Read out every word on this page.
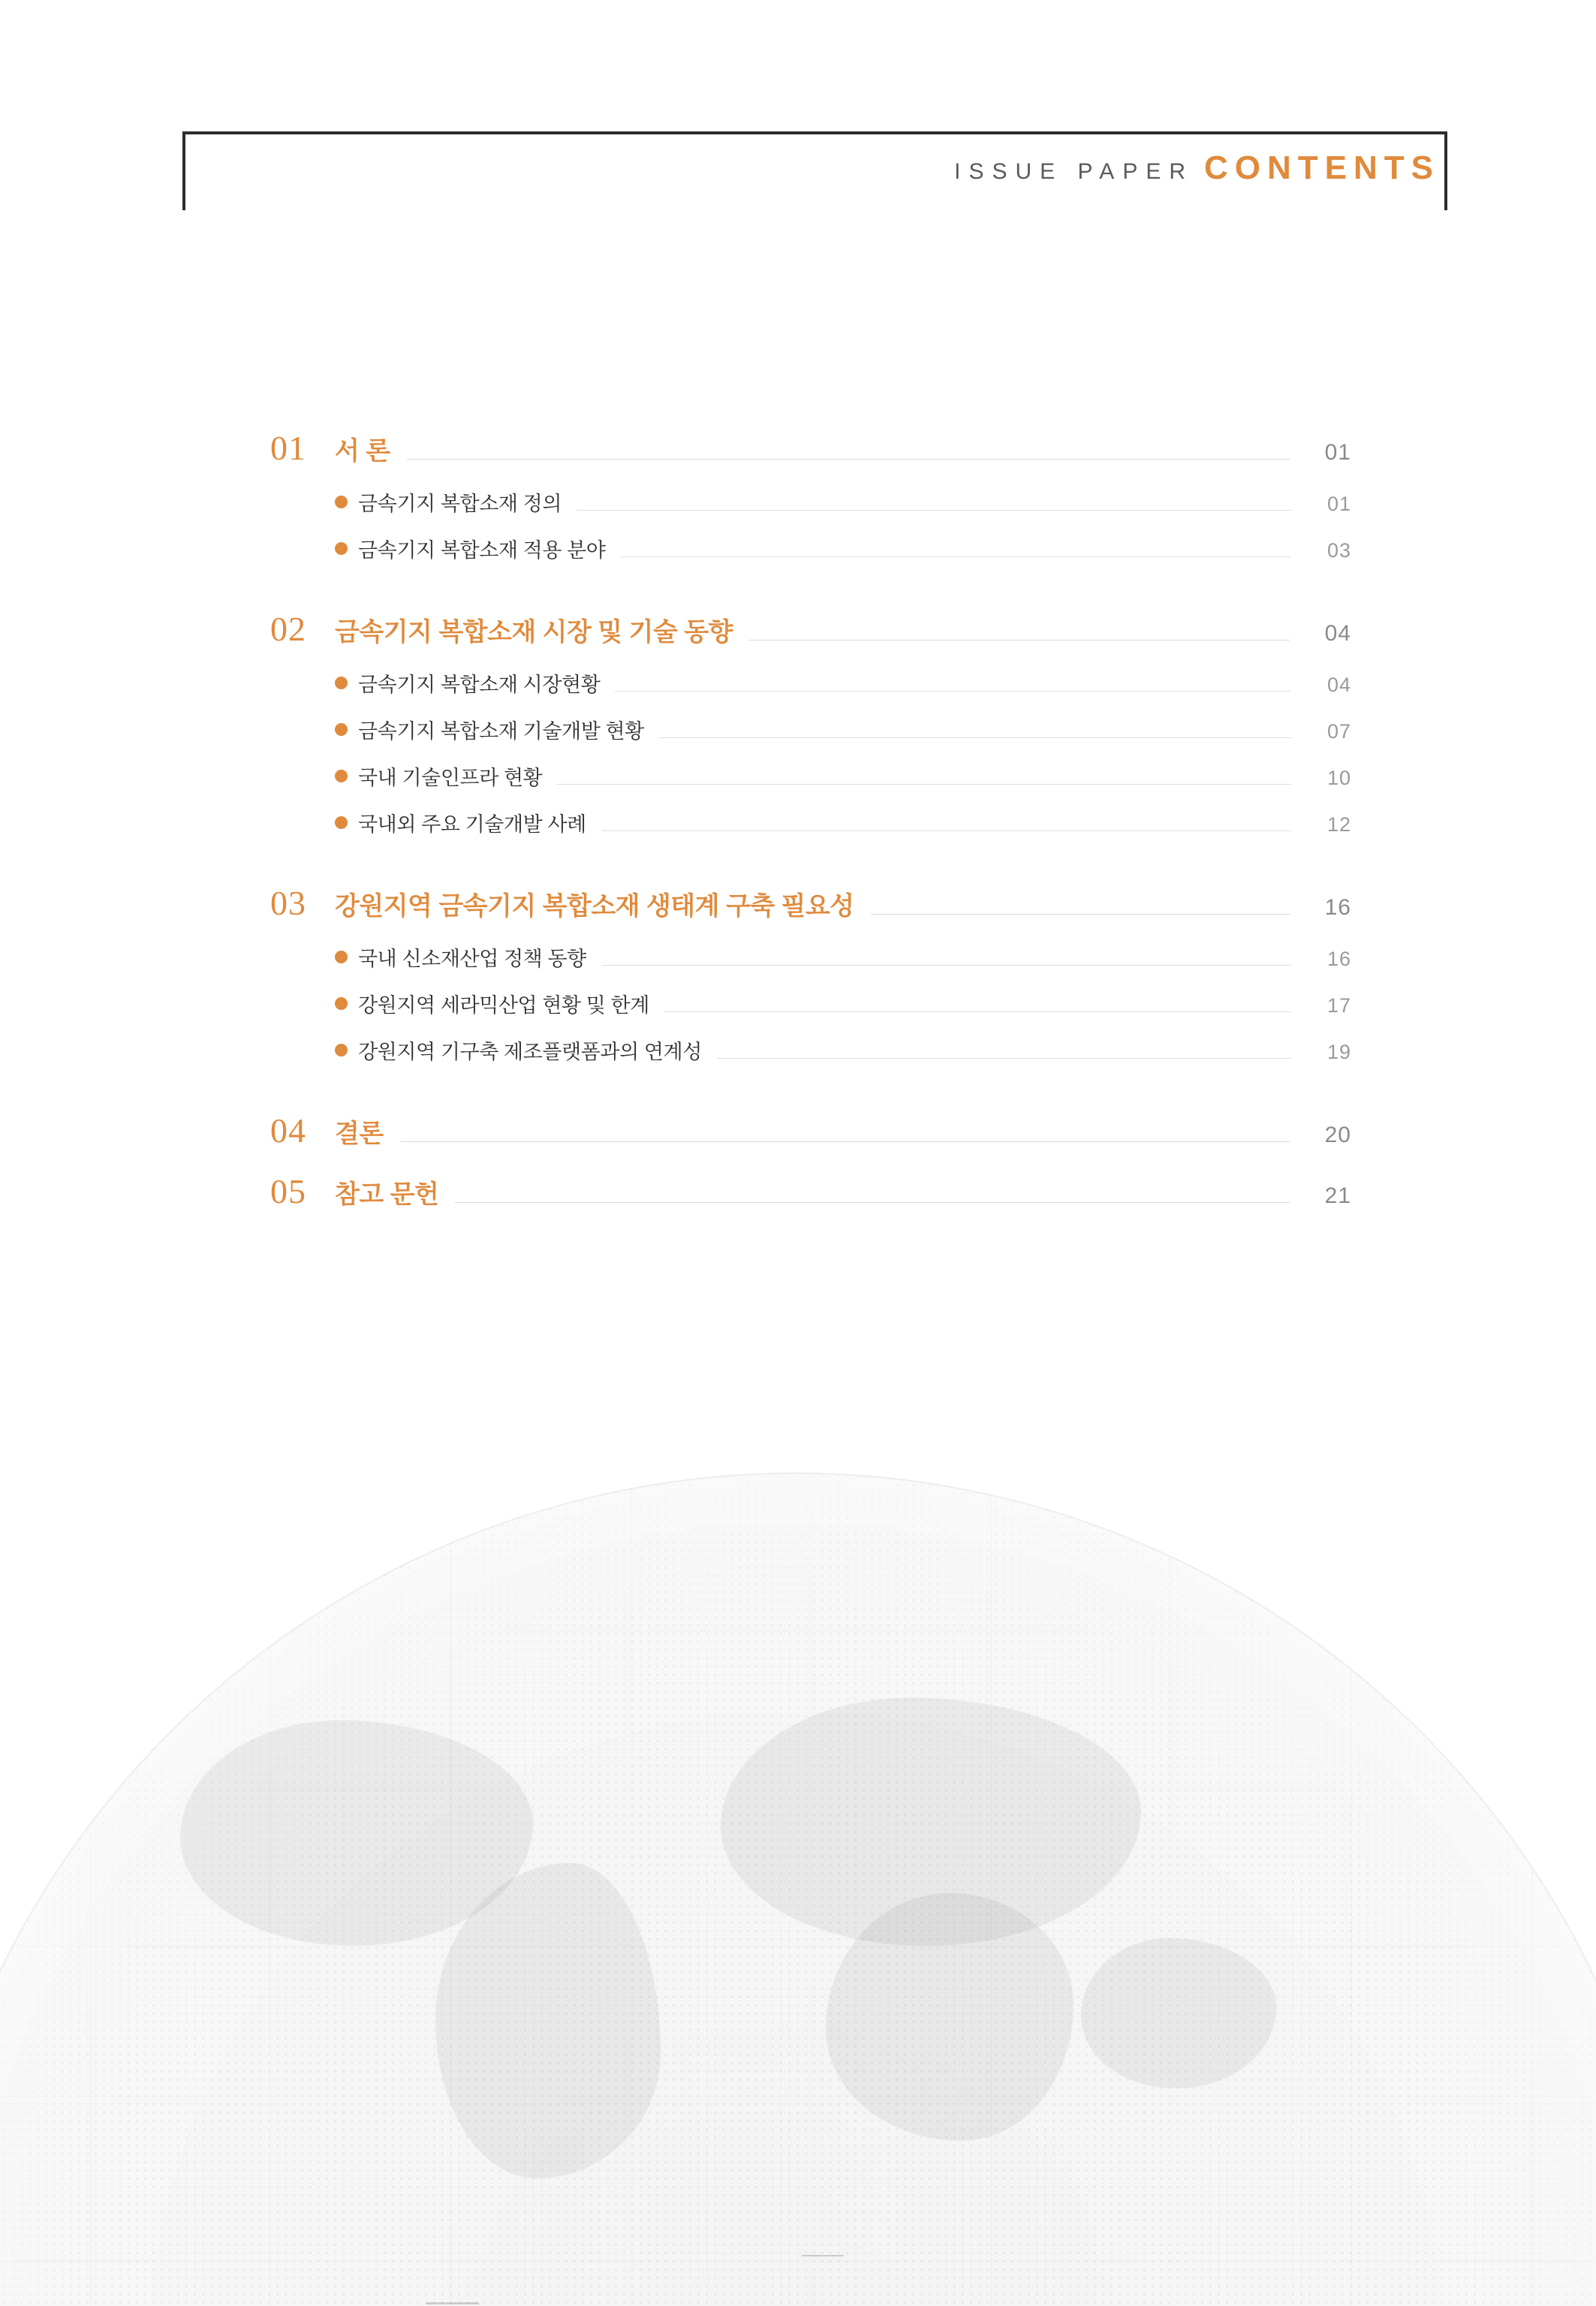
ISSUE PAPER CONTENTS
01	서 론	01
금속기지 복합소재 정의	01
금속기지 복합소재 적용 분야	03
02	금속기지 복합소재 시장 및 기술 동향	04
금속기지 복합소재 시장현황	04
금속기지 복합소재 기술개발 현황	07
국내 기술인프라 현황	10
국내외 주요 기술개발 사례	12
03	강원지역 금속기지 복합소재 생태계 구축 필요성	16
국내 신소재산업 정책 동향	16
강원지역 세라믹산업 현황 및 한계	17
강원지역 기구축 제조플랫폼과의 연계성	19
04	결론	20
05	참고 문헌	21
